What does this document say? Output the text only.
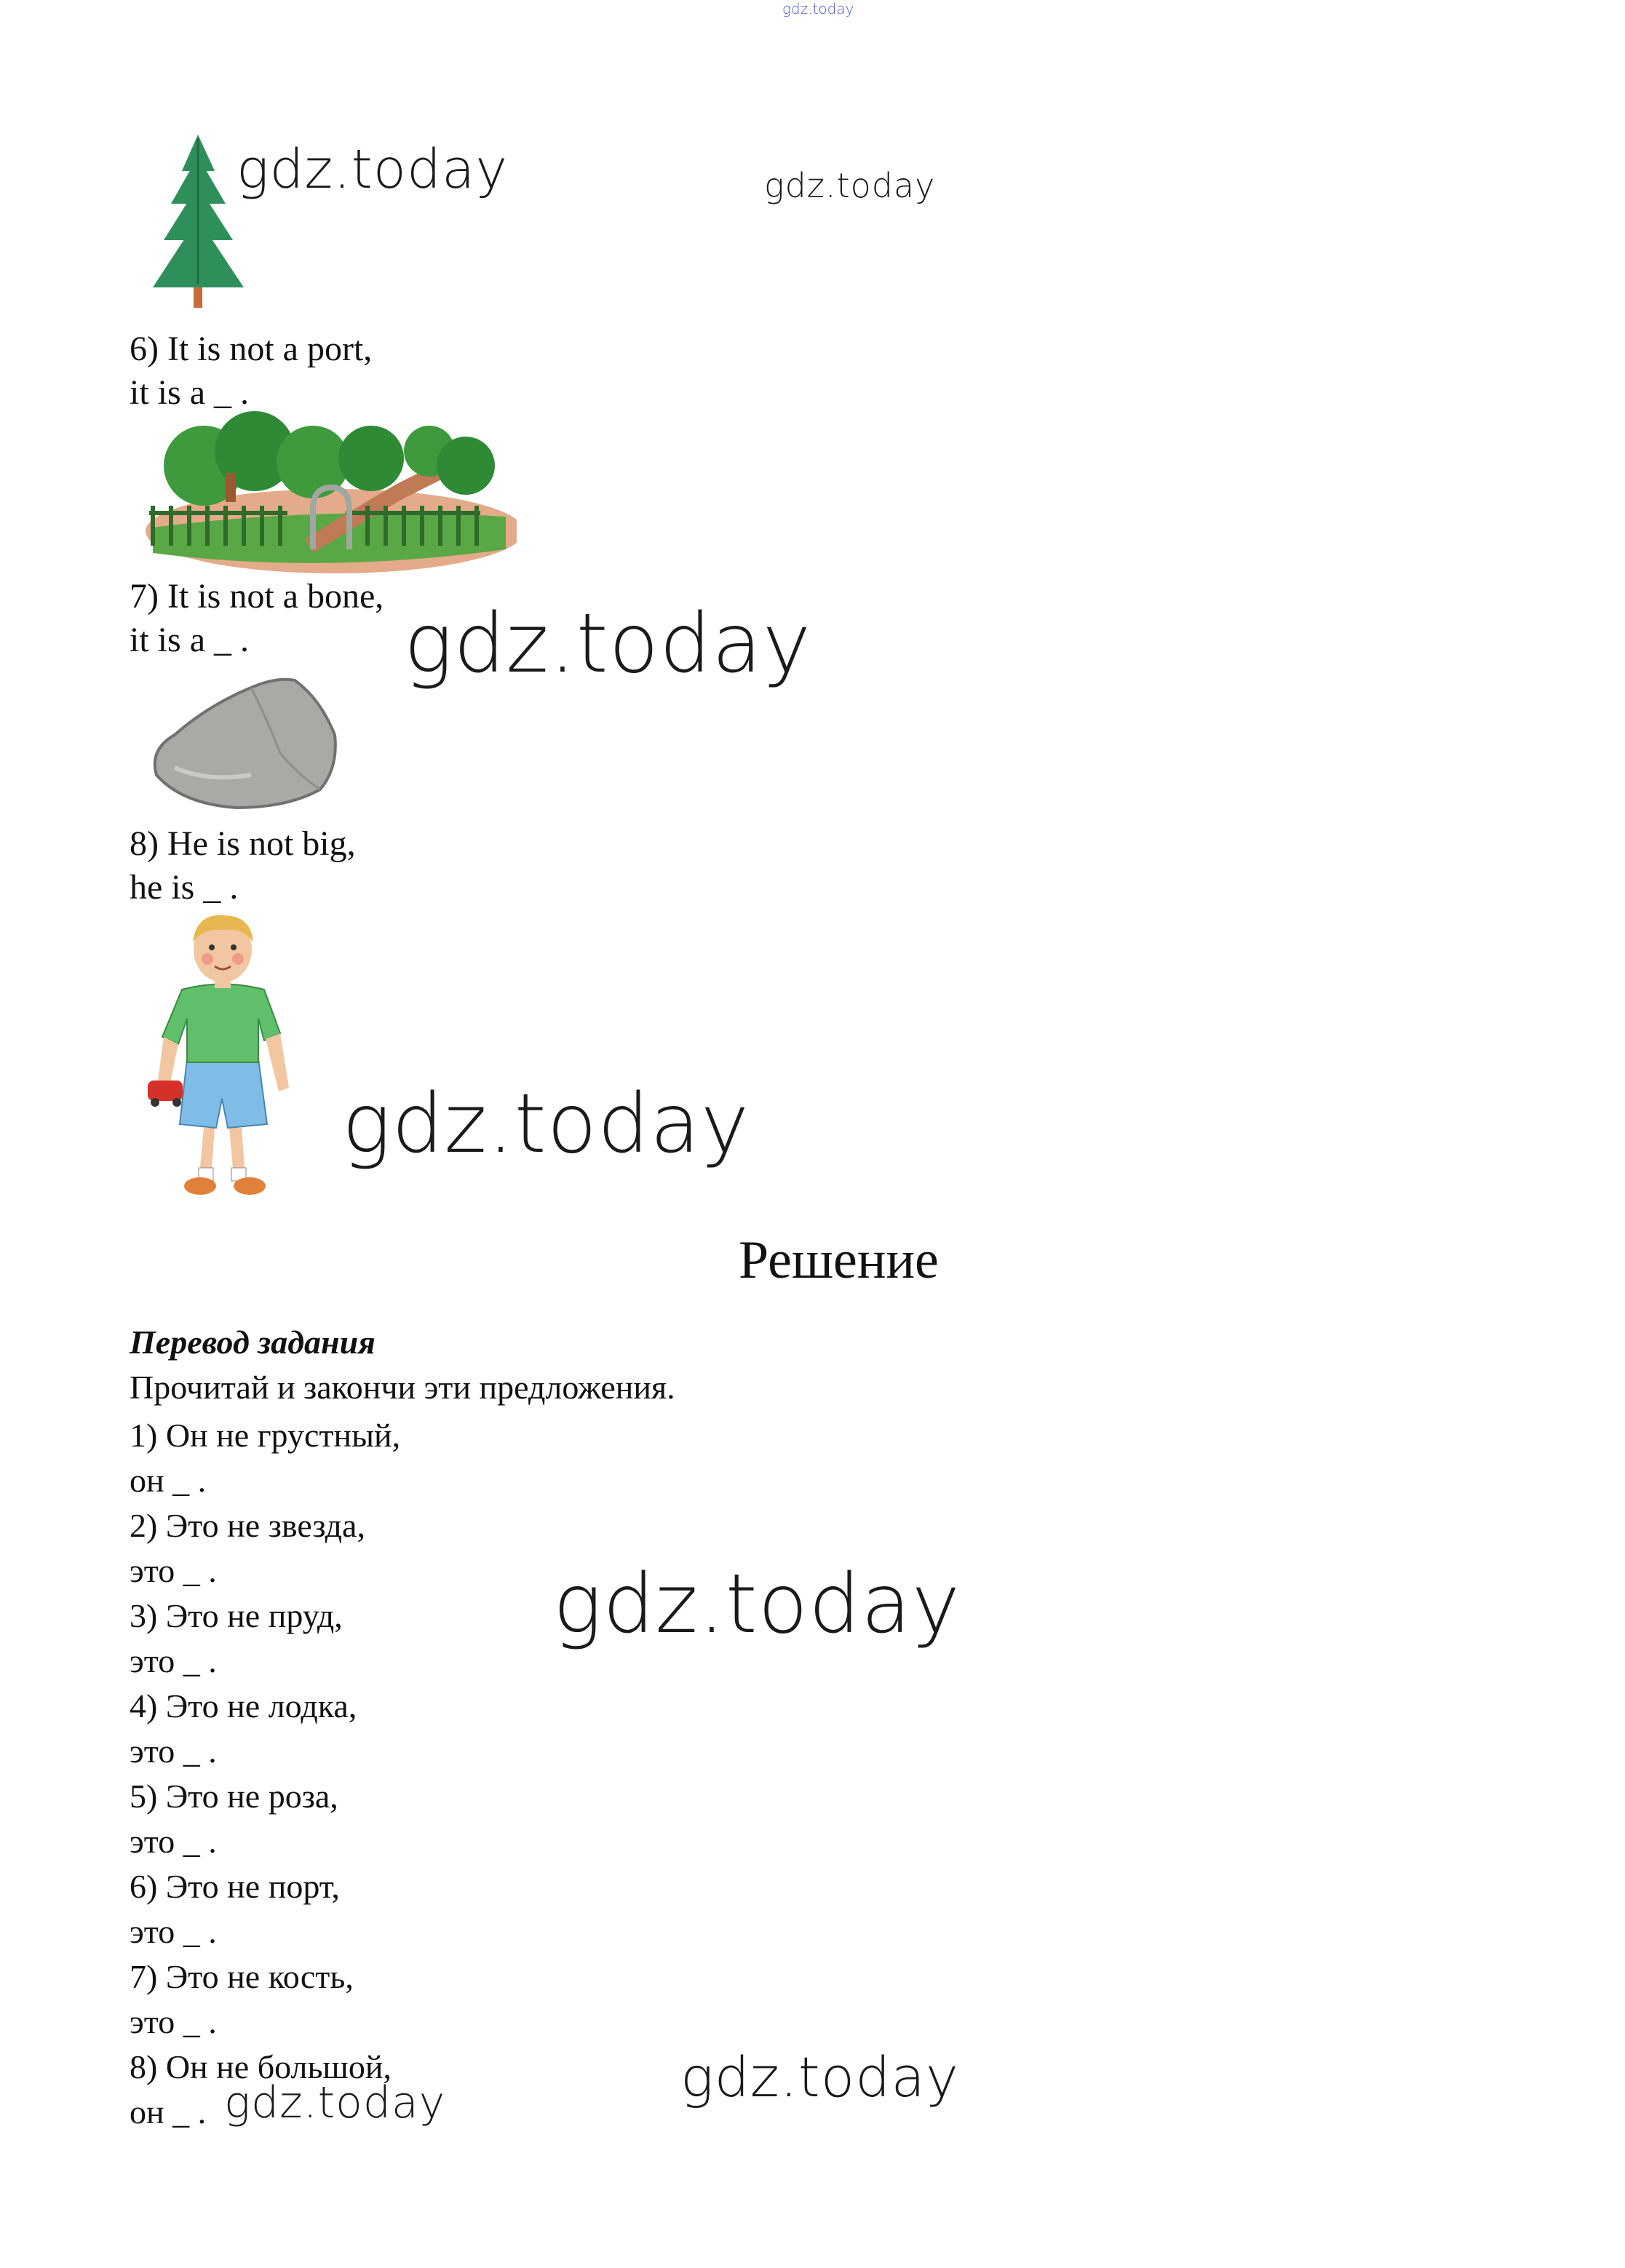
gdz.today
gdz.today	gdz.today
6) It is not a port,
it is a _ .
7) It is not a bone,
it is a _ . gdz.today
8) He is not big,
he is _ .
gdz.today
Решение
Перевод задания
Прочитай и закончи эти предложения.
1) Он не грустный,
он _ .
2) Это не звезда,
это _ .
3) Это не пруд,
это _ .
4) Это не лодка,
это _ .
5) Это не роза,
это _ .
6) Это не порт,
это _ .
7) Это не кость,
это _ .
8) Он не большой,
он _ .
gdz.today
gdz.today
gdz.today
